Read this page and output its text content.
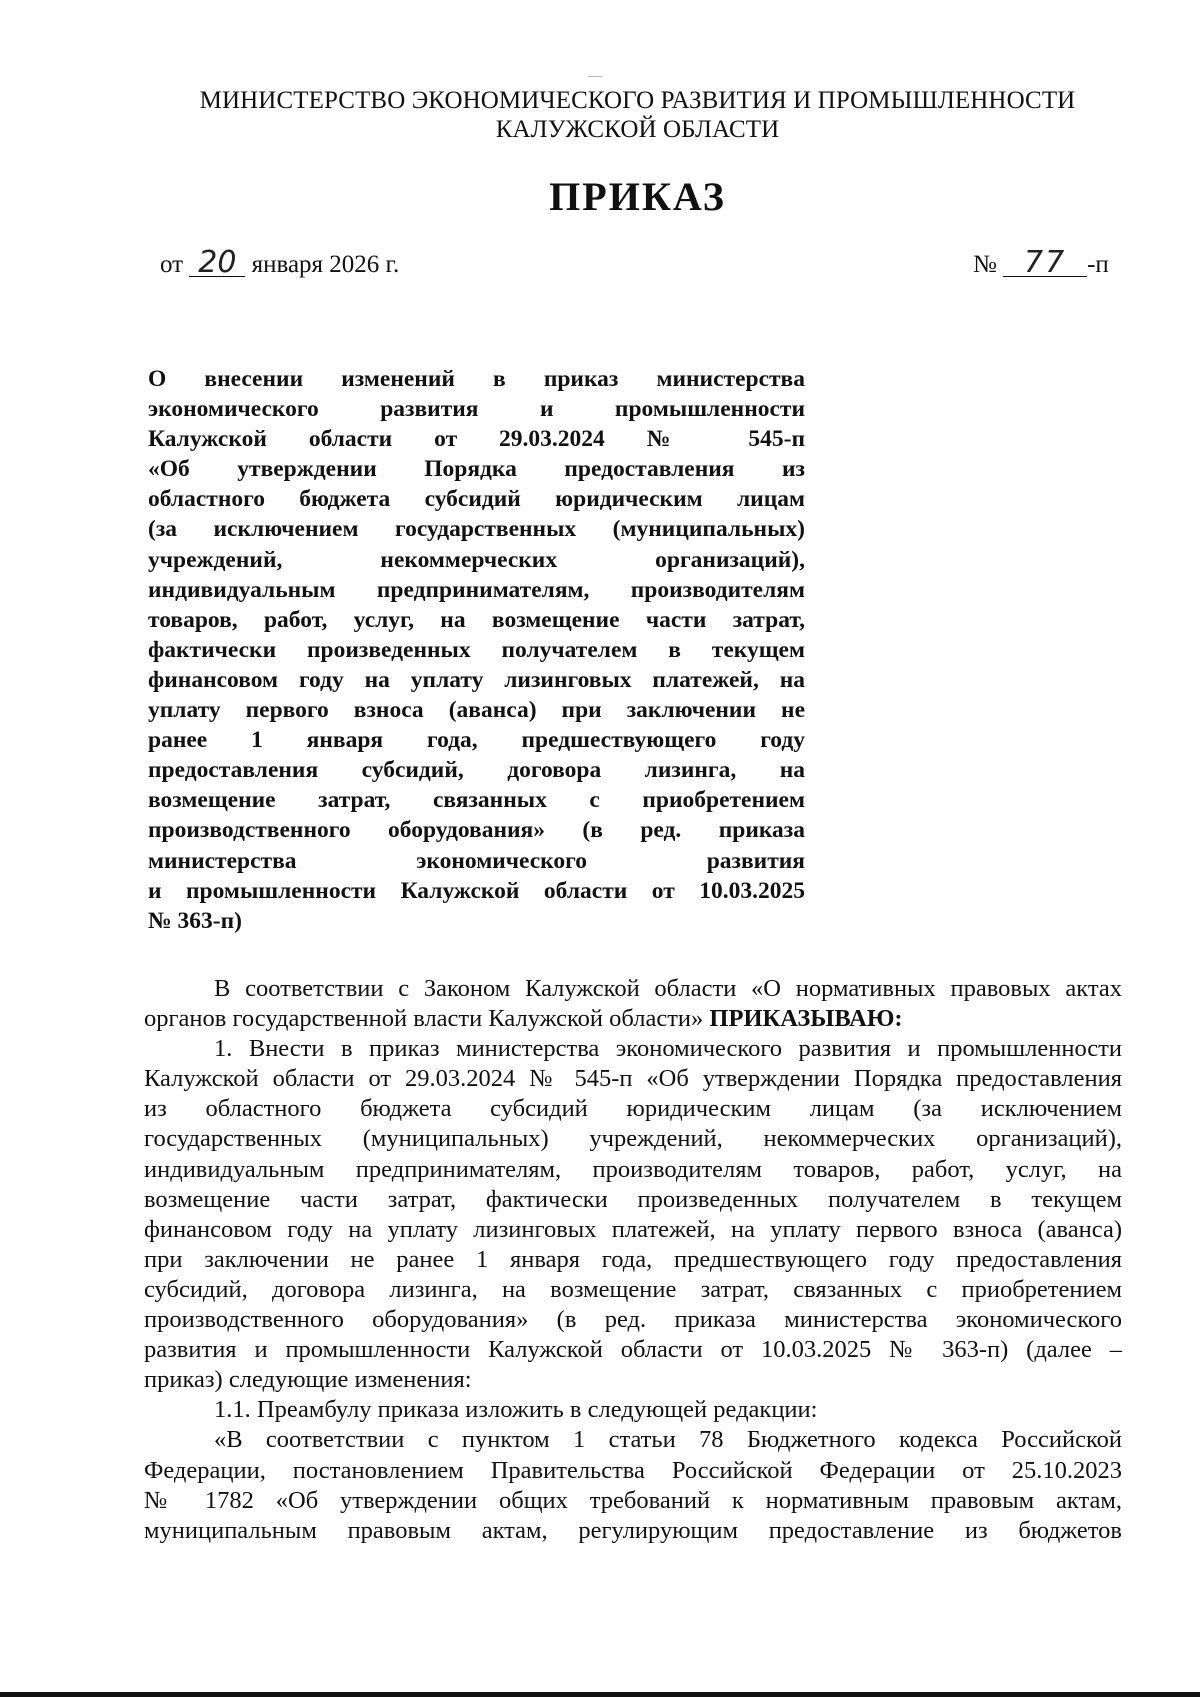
МИНИСТЕРСТВО ЭКОНОМИЧЕСКОГО РАЗВИТИЯ И ПРОМЫШЛЕННОСТИ
КАЛУЖСКОЙ ОБЛАСТИ
ПРИКАЗ
от 20 января 2026 г.	№ 77 -п
О внесении изменений в приказ министерства
экономического развития и промышленности
Калужской области от 29.03.2024 № 545-п
«Об утверждении Порядка предоставления из
областного бюджета субсидий юридическим лицам
(за исключением государственных (муниципальных)
учреждений, некоммерческих организаций),
индивидуальным предпринимателям, производителям
товаров, работ, услуг, на возмещение части затрат,
фактически произведенных получателем в текущем
финансовом году на уплату лизинговых платежей, на
уплату первого взноса (аванса) при заключении не
ранее 1 января года, предшествующего году
предоставления субсидий, договора лизинга, на
возмещение затрат, связанных с приобретением
производственного оборудования» (в ред. приказа
министерства экономического развития
и промышленности Калужской области от 10.03.2025
№ 363-п)
В соответствии с Законом Калужской области «О нормативных правовых актах
органов государственной власти Калужской области» ПРИКАЗЫВАЮ:
1. Внести в приказ министерства экономического развития и промышленности
Калужской области от 29.03.2024 № 545-п «Об утверждении Порядка предоставления
из областного бюджета субсидий юридическим лицам (за исключением
государственных (муниципальных) учреждений, некоммерческих организаций),
индивидуальным предпринимателям, производителям товаров, работ, услуг, на
возмещение части затрат, фактически произведенных получателем в текущем
финансовом году на уплату лизинговых платежей, на уплату первого взноса (аванса)
при заключении не ранее 1 января года, предшествующего году предоставления
субсидий, договора лизинга, на возмещение затрат, связанных с приобретением
производственного оборудования» (в ред. приказа министерства экономического
развития и промышленности Калужской области от 10.03.2025 № 363-п) (далее –
приказ) следующие изменения:
1.1. Преамбулу приказа изложить в следующей редакции:
«В соответствии с пунктом 1 статьи 78 Бюджетного кодекса Российской
Федерации, постановлением Правительства Российской Федерации от 25.10.2023
№ 1782 «Об утверждении общих требований к нормативным правовым актам,
муниципальным правовым актам, регулирующим предоставление из бюджетов
